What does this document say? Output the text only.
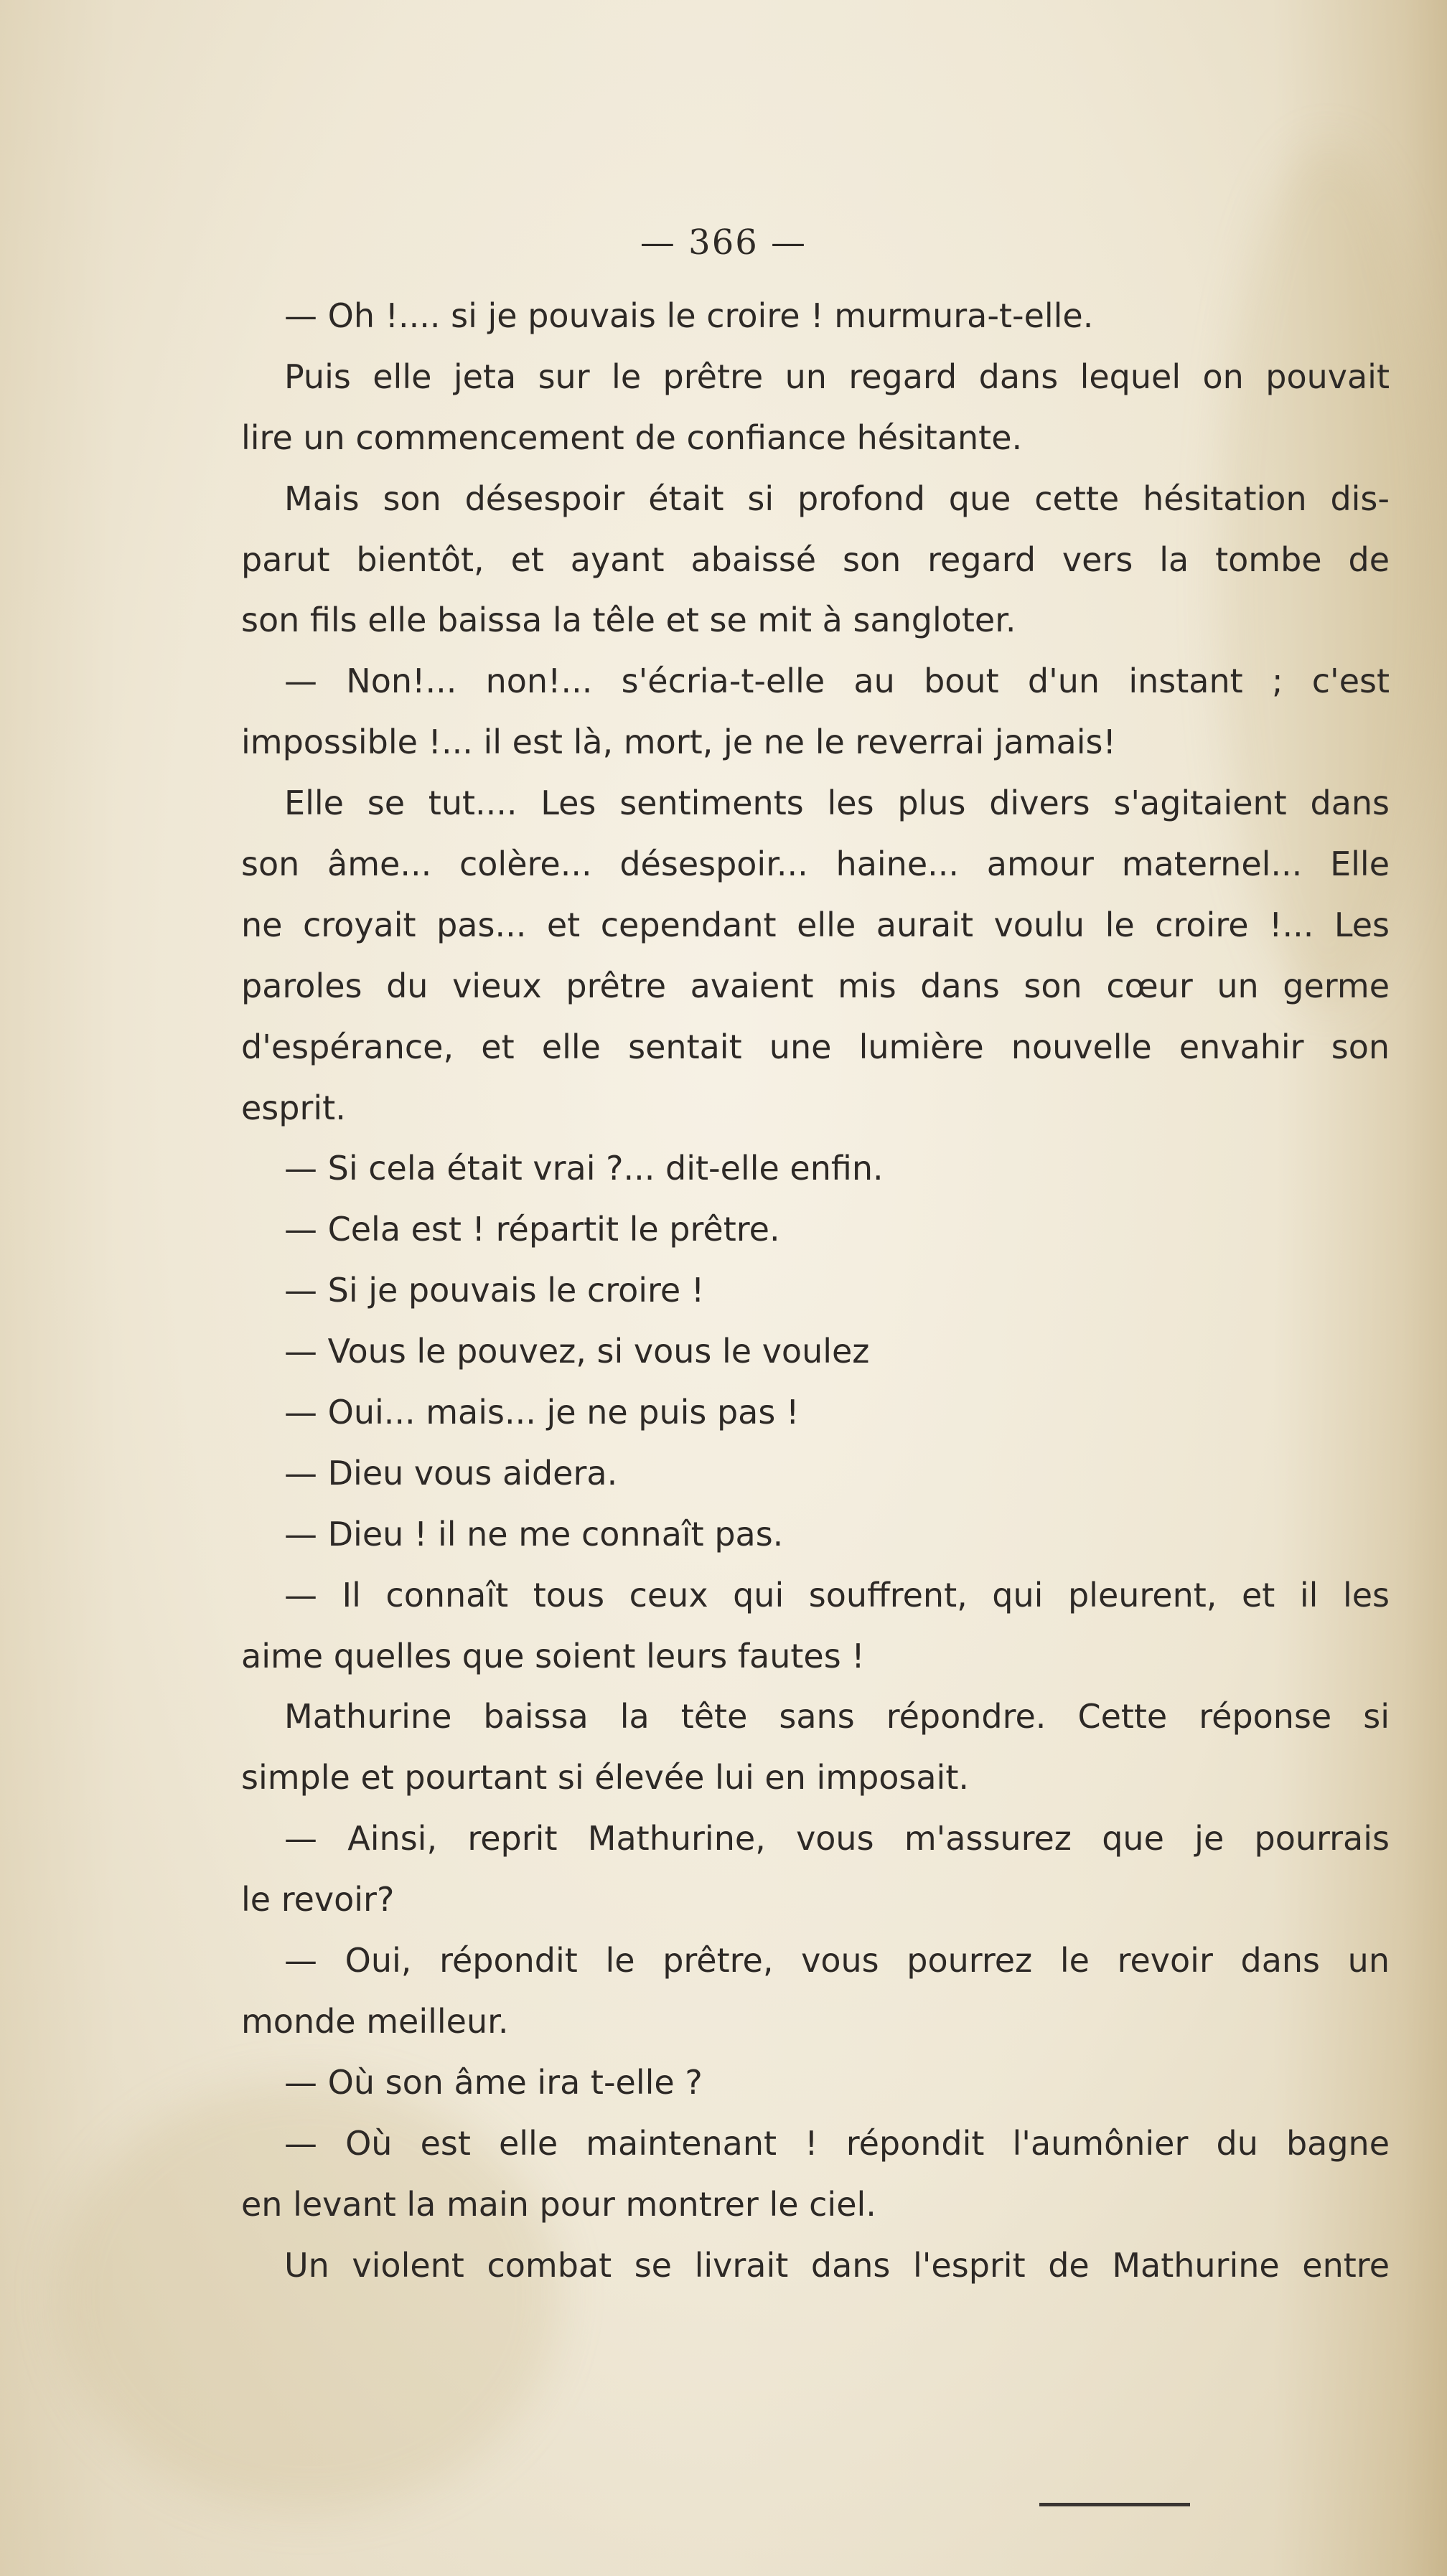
— 366 —
— Oh !.... si je pouvais le croire ! murmura-t-elle.
Puis elle jeta sur le prêtre un regard dans lequel on pouvait
lire un commencement de confiance hésitante.
Mais son désespoir était si profond que cette hésitation dis-
parut bientôt, et ayant abaissé son regard vers la tombe de
son fils elle baissa la têle et se mit à sangloter.
— Non!... non!... s'écria-t-elle au bout d'un instant ; c'est
impossible !... il est là, mort, je ne le reverrai jamais!
Elle se tut.... Les sentiments les plus divers s'agitaient dans
son âme... colère... désespoir... haine... amour maternel... Elle
ne croyait pas... et cependant elle aurait voulu le croire !... Les
paroles du vieux prêtre avaient mis dans son cœur un germe
d'espérance, et elle sentait une lumière nouvelle envahir son
esprit.
— Si cela était vrai ?... dit-elle enfin.
— Cela est ! répartit le prêtre.
— Si je pouvais le croire !
— Vous le pouvez, si vous le voulez
— Oui... mais... je ne puis pas !
— Dieu vous aidera.
— Dieu ! il ne me connaît pas.
— Il connaît tous ceux qui souffrent, qui pleurent, et il les
aime quelles que soient leurs fautes !
Mathurine baissa la tête sans répondre. Cette réponse si
simple et pourtant si élevée lui en imposait.
— Ainsi, reprit Mathurine, vous m'assurez que je pourrais
le revoir?
— Oui, répondit le prêtre, vous pourrez le revoir dans un
monde meilleur.
— Où son âme ira t-elle ?
— Où est elle maintenant ! répondit l'aumônier du bagne
en levant la main pour montrer le ciel.
Un violent combat se livrait dans l'esprit de Mathurine entre
